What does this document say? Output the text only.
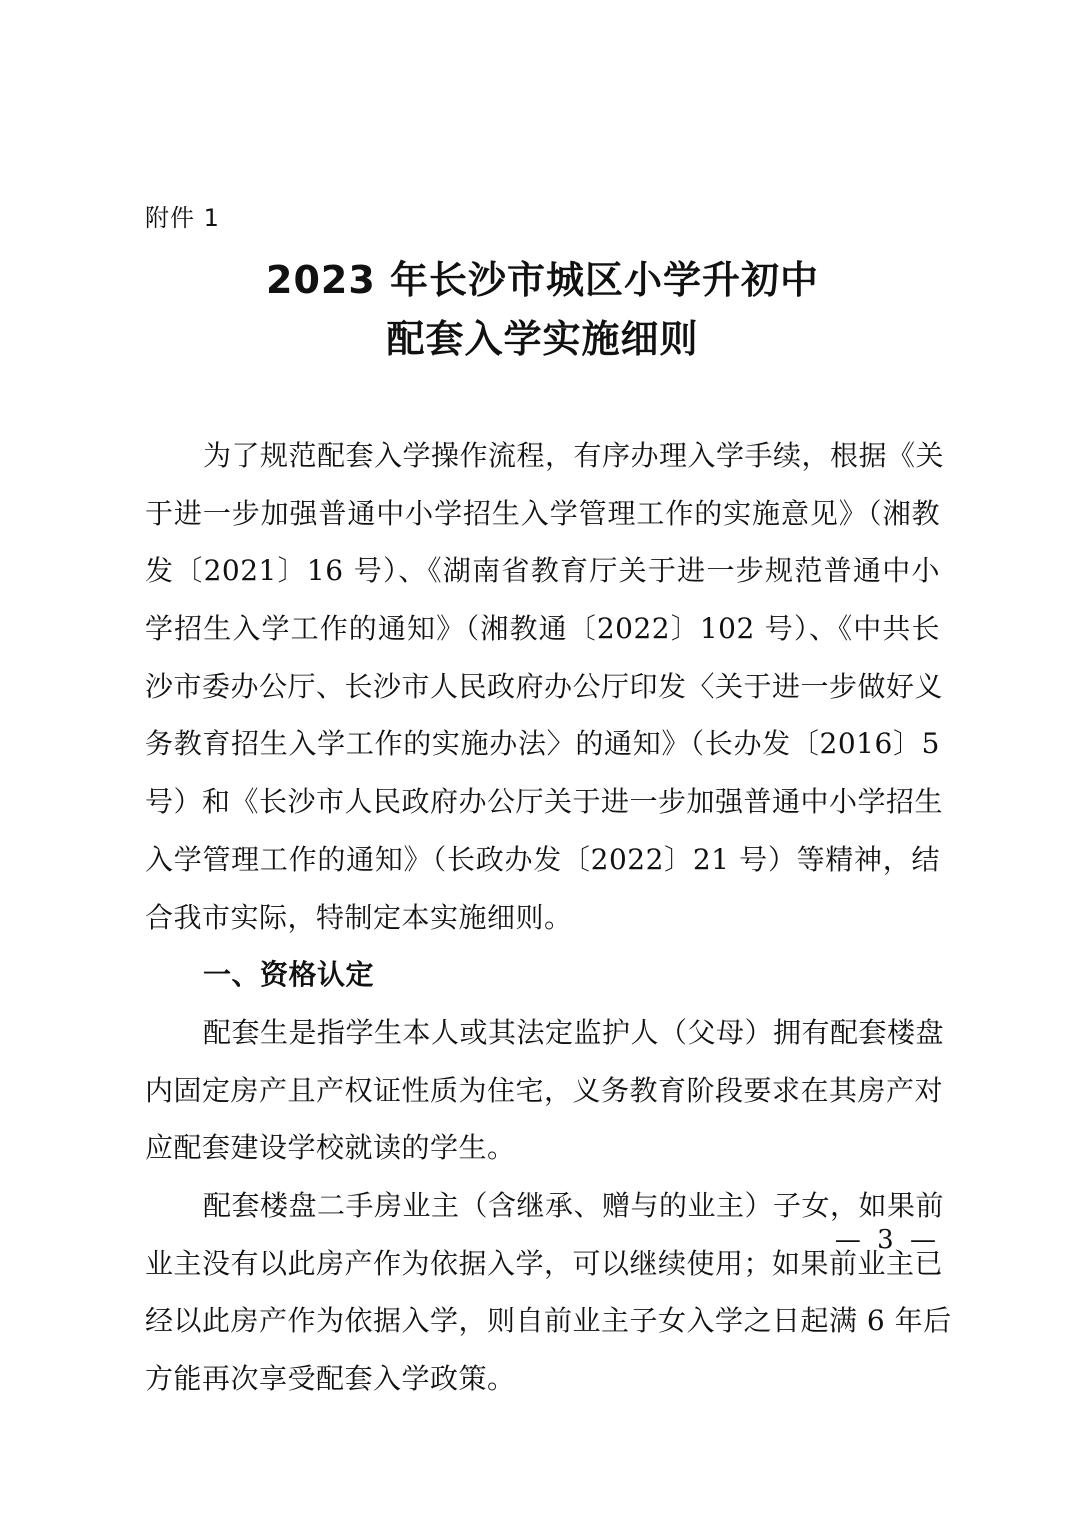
附件 1
2023 年长沙市城区小学升初中
配套入学实施细则
为了规范配套入学操作流程，有序办理入学手续，根据《关
于进一步加强普通中小学招生入学管理工作的实施意见》（湘教
发〔2021〕16 号）、《湖南省教育厅关于进一步规范普通中小
学招生入学工作的通知》（湘教通〔2022〕102 号）、《中共长
沙市委办公厅、长沙市人民政府办公厅印发〈关于进一步做好义
务教育招生入学工作的实施办法〉的通知》（长办发〔2016〕5
号）和《长沙市人民政府办公厅关于进一步加强普通中小学招生
入学管理工作的通知》（长政办发〔2022〕21 号）等精神，结
合我市实际，特制定本实施细则。
一、资格认定
配套生是指学生本人或其法定监护人（父母）拥有配套楼盘
内固定房产且产权证性质为住宅，义务教育阶段要求在其房产对
应配套建设学校就读的学生。
配套楼盘二手房业主（含继承、赠与的业主）子女，如果前
业主没有以此房产作为依据入学，可以继续使用；如果前业主已
经以此房产作为依据入学，则自前业主子女入学之日起满 6 年后
方能再次享受配套入学政策。
— 3 —
